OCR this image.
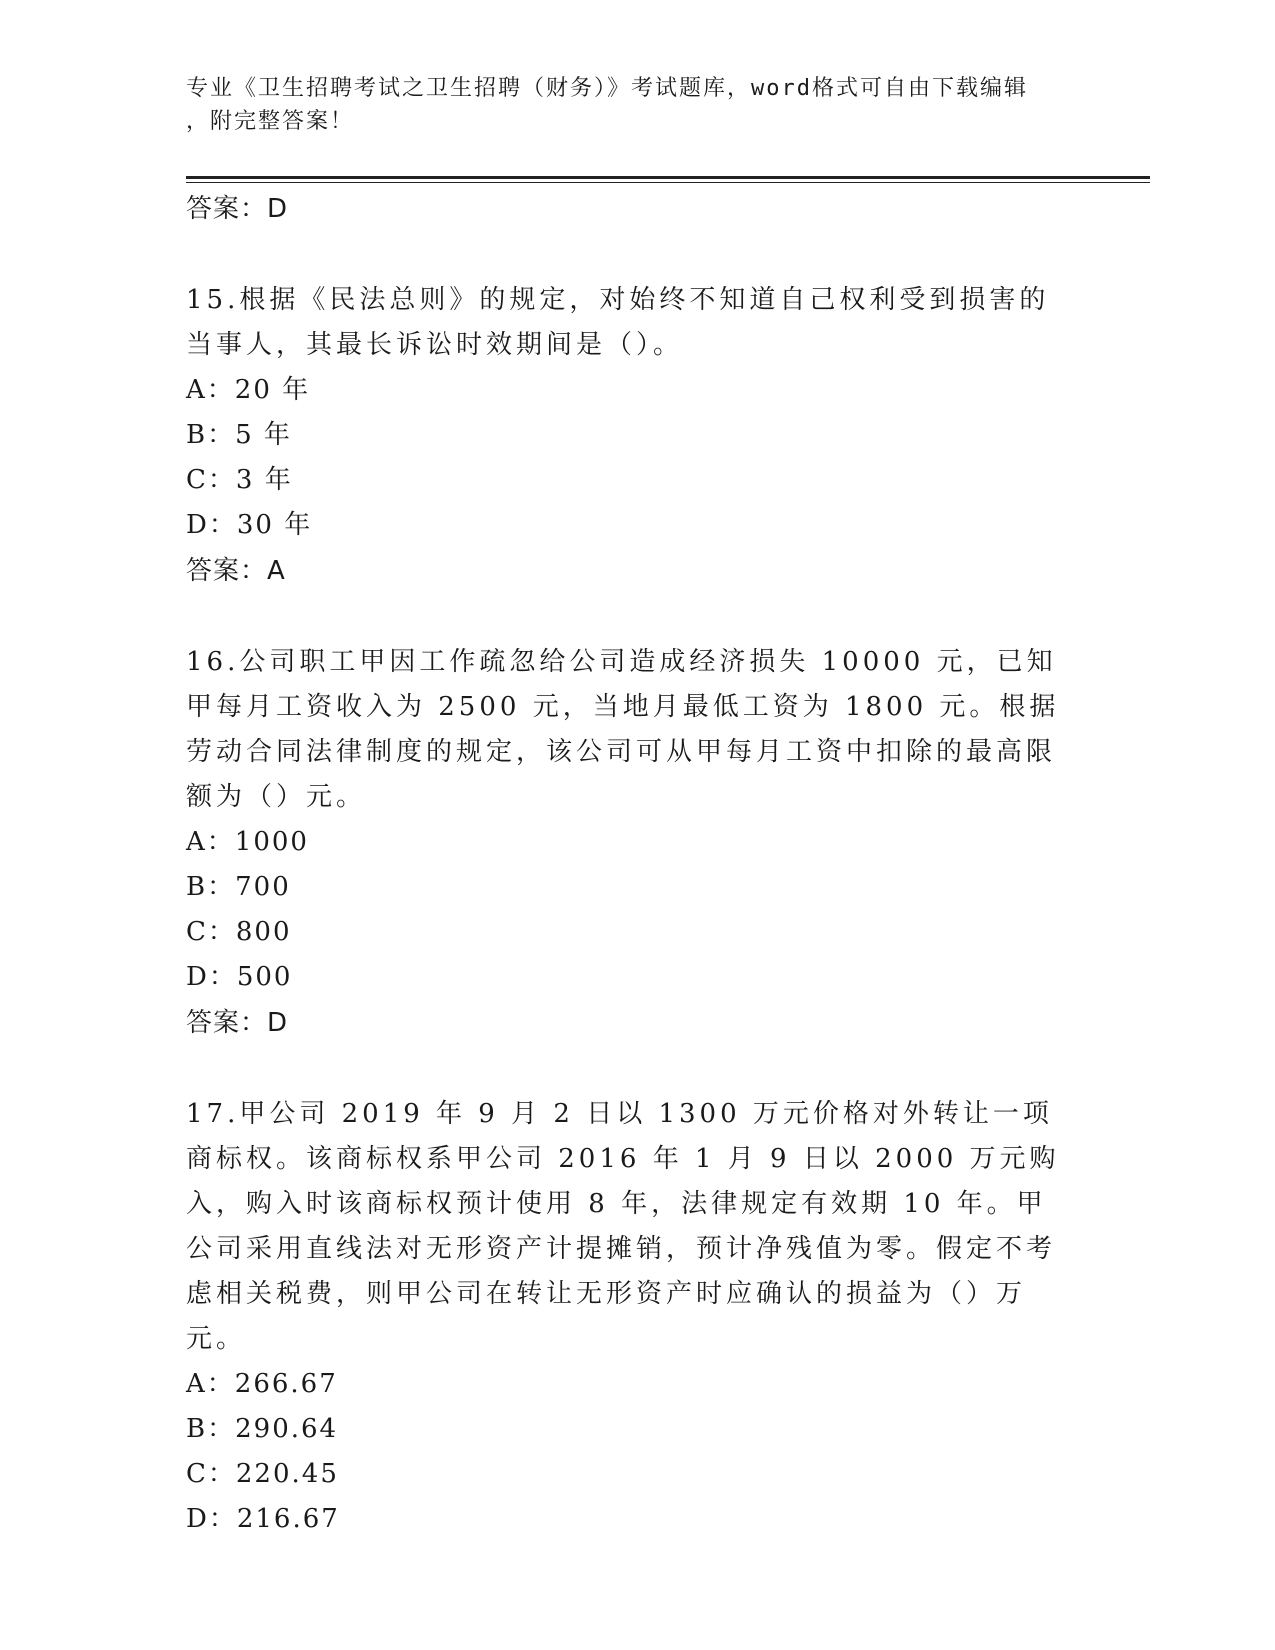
专业《卫生招聘考试之卫生招聘（财务）》考试题库，word格式可自由下载编辑
，附完整答案！

答案：D

15.根据《民法总则》的规定，对始终不知道自己权利受到损害的当事人，其最长诉讼时效期间是（）。

A：20 年

B：5 年

C：3 年

D：30 年

答案：A

16.公司职工甲因工作疏忽给公司造成经济损失 10000 元，已知甲每月工资收入为 2500 元，当地月最低工资为 1800 元。根据劳动合同法律制度的规定，该公司可从甲每月工资中扣除的最高限额为（）元。

A：1000

B：700

C：800

D：500

答案：D

17.甲公司 2019 年 9 月 2 日以 1300 万元价格对外转让一项商标权。该商标权系甲公司 2016 年 1 月 9 日以 2000 万元购入，购入时该商标权预计使用 8 年，法律规定有效期 10 年。甲公司采用直线法对无形资产计提摊销，预计净残值为零。假定不考虑相关税费，则甲公司在转让无形资产时应确认的损益为（）万元。

A：266.67

B：290.64

C：220.45

D：216.67
